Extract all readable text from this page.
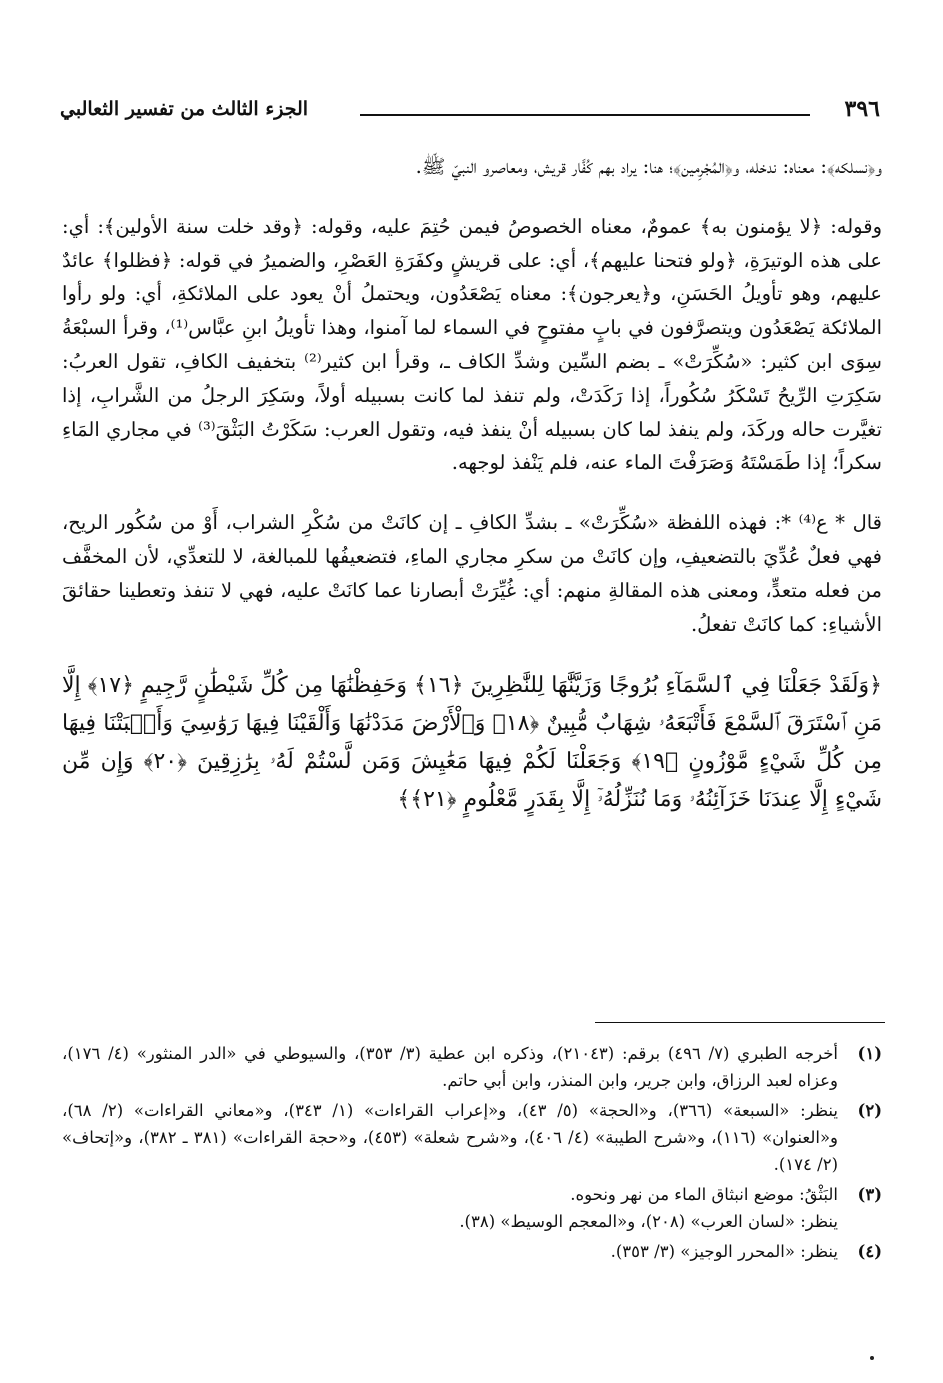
٣٩٦
الجزء الثالث من تفسير الثعالبي

و﴿نسلكه﴾: معناه: ندخله، و﴿المُجْرِمين﴾؛ هنا: يراد بهم كُفَّار قريش، ومعاصرو النبيّ ﷺ.

وقوله: ﴿لا يؤمنون به﴾ عمومٌ، معناه الخصوصُ فيمن حُتِمَ عليه، وقوله: ﴿وقد خلت سنة الأولين﴾: أي: على هذه الوتيرَةِ، ﴿ولو فتحنا عليهم﴾، أي: على قريشٍ وكفَرَةِ العَصْرِ، والضميرُ في قوله: ﴿فظلوا﴾ عائدٌ عليهم، وهو تأويلُ الحَسَنِ، و﴿يعرجون﴾: معناه يَصْعَدُون، ويحتملُ أنْ يعود على الملائكةِ، أي: ولو رأوا الملائكة يَصْعَدُون ويتصرَّفون في بابٍ مفتوحٍ في السماء لما آمنوا، وهذا تأويلُ ابنِ عبَّاس⁽¹⁾، وقرأ السبْعَةُ سِوَى ابن كثير: «سُكِّرَتْ» ـ بضم السِّين وشدِّ الكاف ـ، وقرأ ابن كثير⁽²⁾ بتخفيف الكافِ، تقول العربُ: سَكِرَتِ الرِّيحُ تَسْكَرُ سُكُوراً، إذا رَكَدَتْ، ولم تنفذ لما كانت بسبيله أولاً، وسَكِرَ الرجلُ من الشَّرابِ، إذا تغيَّرت حاله وركَدَ، ولم ينفذ لما كان بسبيله أنْ ينفذ فيه، وتقول العرب: سَكَرْتُ البَثْقَ⁽³⁾ في مجاري المَاءِ سكراً؛ إذا طَمَسْتَهُ وَصَرَفْتَ الماء عنه، فلم يَنْفذ لوجهه.

قال * ع⁽⁴⁾ *: فهذه اللفظة «سُكِّرَتْ» ـ بشدِّ الكافِ ـ إن كانَتْ من سُكْرِ الشراب، أَوْ من سُكُور الريح، فهي فعلٌ عُدِّيَ بالتضعيفِ، وإن كانَتْ من سكرِ مجاري الماءِ، فتضعيفُها للمبالغة، لا للتعدِّي، لأن المخفَّف من فعله متعدٍّ، ومعنى هذه المقالةِ منهم: أي: غُيِّرَتْ أبصارنا عما كانَتْ عليه، فهي لا تنفذ وتعطينا حقائقَ الأشياءِ: كما كانَتْ تفعلُ.

﴿وَلَقَدْ جَعَلْنَا فِي ٱلسَّمَآءِ بُرُوجًا وَزَيَّنَّٰهَا لِلنَّٰظِرِينَ ﴿١٦﴾ وَحَفِظْنَٰهَا مِن كُلِّ شَيْطَٰنٍ رَّجِيمٍ ﴿١٧﴾ إِلَّا مَنِ ٱسْتَرَقَ ٱلسَّمْعَ فَأَتْبَعَهُۥ شِهَابٌ مُّبِينٌ ﴿١٨﴾ وَٱلْأَرْضَ مَدَدْنَٰهَا وَأَلْقَيْنَا فِيهَا رَوَٰسِيَ وَأَنۢبَتْنَا فِيهَا مِن كُلِّ شَيْءٍ مَّوْزُونٍ ﴿١٩﴾ وَجَعَلْنَا لَكُمْ فِيهَا مَعَٰيِشَ وَمَن لَّسْتُمْ لَهُۥ بِرَٰزِقِينَ ﴿٢٠﴾ وَإِن مِّن شَيْءٍ إِلَّا عِندَنَا خَزَآئِنُهُۥ وَمَا نُنَزِّلُهُۥٓ إِلَّا بِقَدَرٍ مَّعْلُومٍ ﴿٢١﴾﴾

(١)
أخرجه الطبري (٧/ ٤٩٦) برقم: (٢١٠٤٣)، وذكره ابن عطية (٣/ ٣٥٣)، والسيوطي في «الدر المنثور» (٤/ ١٧٦)، وعزاه لعبد الرزاق، وابن جرير، وابن المنذر، وابن أبي حاتم.
(٢)
ينظر: «السبعة» (٣٦٦)، و«الحجة» (٥/ ٤٣)، و«إعراب القراءات» (١/ ٣٤٣)، و«معاني القراءات» (٢/ ٦٨)، و«العنوان» (١١٦)، و«شرح الطيبة» (٤/ ٤٠٦)، و«شرح شعلة» (٤٥٣)، و«حجة القراءات» (٣٨١ ـ ٣٨٢)، و«إتحاف» (٢/ ١٧٤).
(٣)
البَثْقُ: موضع انبثاق الماء من نهر ونحوه.
ينظر: «لسان العرب» (٢٠٨)، و«المعجم الوسيط» (٣٨).
(٤)
ينظر: «المحرر الوجيز» (٣/ ٣٥٣).
